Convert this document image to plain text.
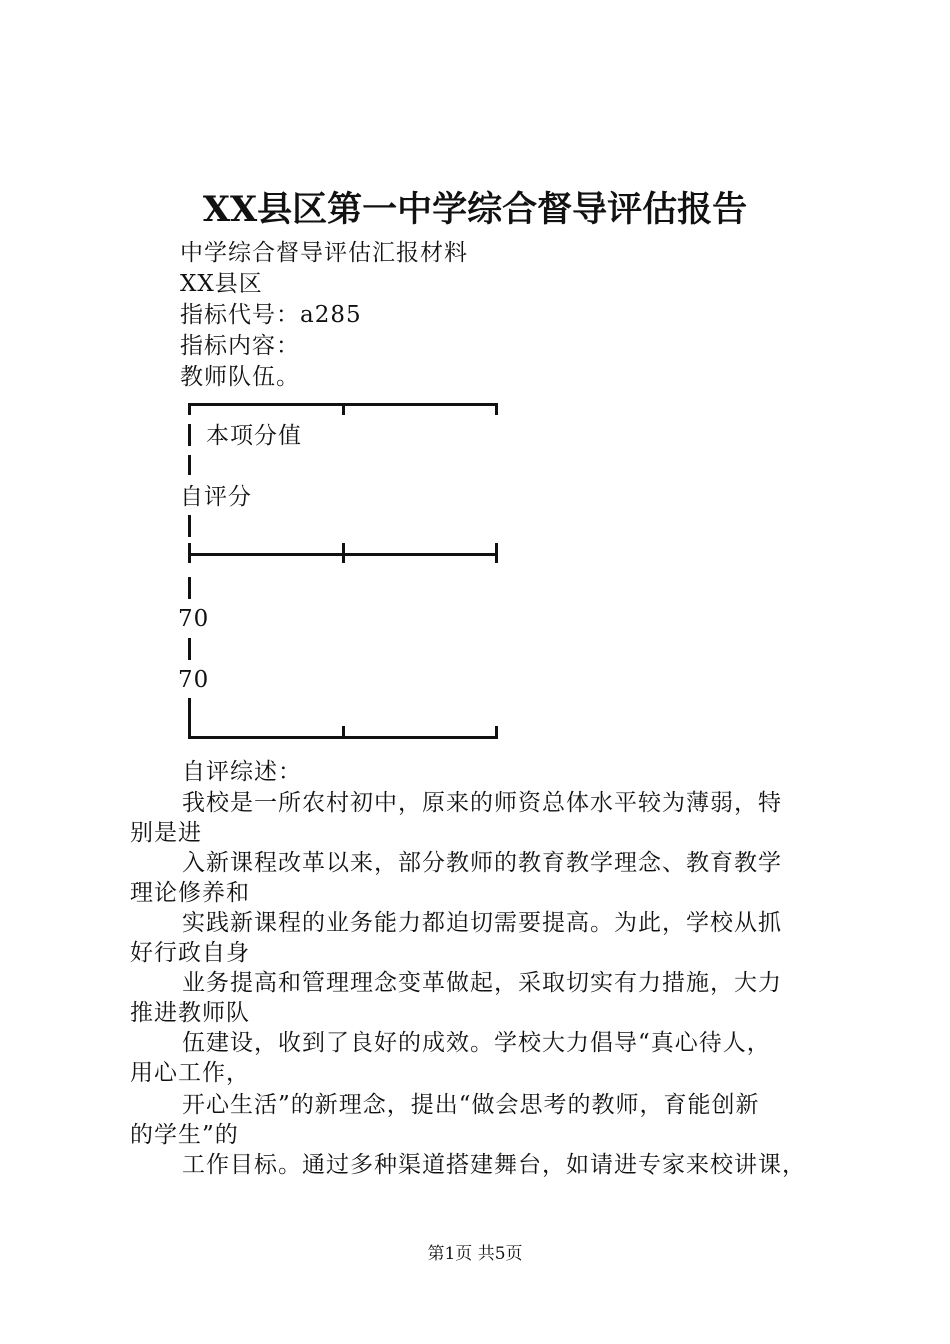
XX县区第一中学综合督导评估报告
中学综合督导评估汇报材料
XX县区
指标代号：a285
指标内容：
教师队伍。
本项分值
自评分
70
70
自评综述：
我校是一所农村初中，原来的师资总体水平较为薄弱，特
别是进
入新课程改革以来，部分教师的教育教学理念、教育教学
理论修养和
实践新课程的业务能力都迫切需要提高。为此，学校从抓
好行政自身
业务提高和管理理念变革做起，采取切实有力措施，大力
推进教师队
伍建设，收到了良好的成效。学校大力倡导“真心待人，
用心工作，
开心生活”的新理念，提出“做会思考的教师，育能创新
的学生”的
工作目标。通过多种渠道搭建舞台，如请进专家来校讲课，
第1页 共5页
